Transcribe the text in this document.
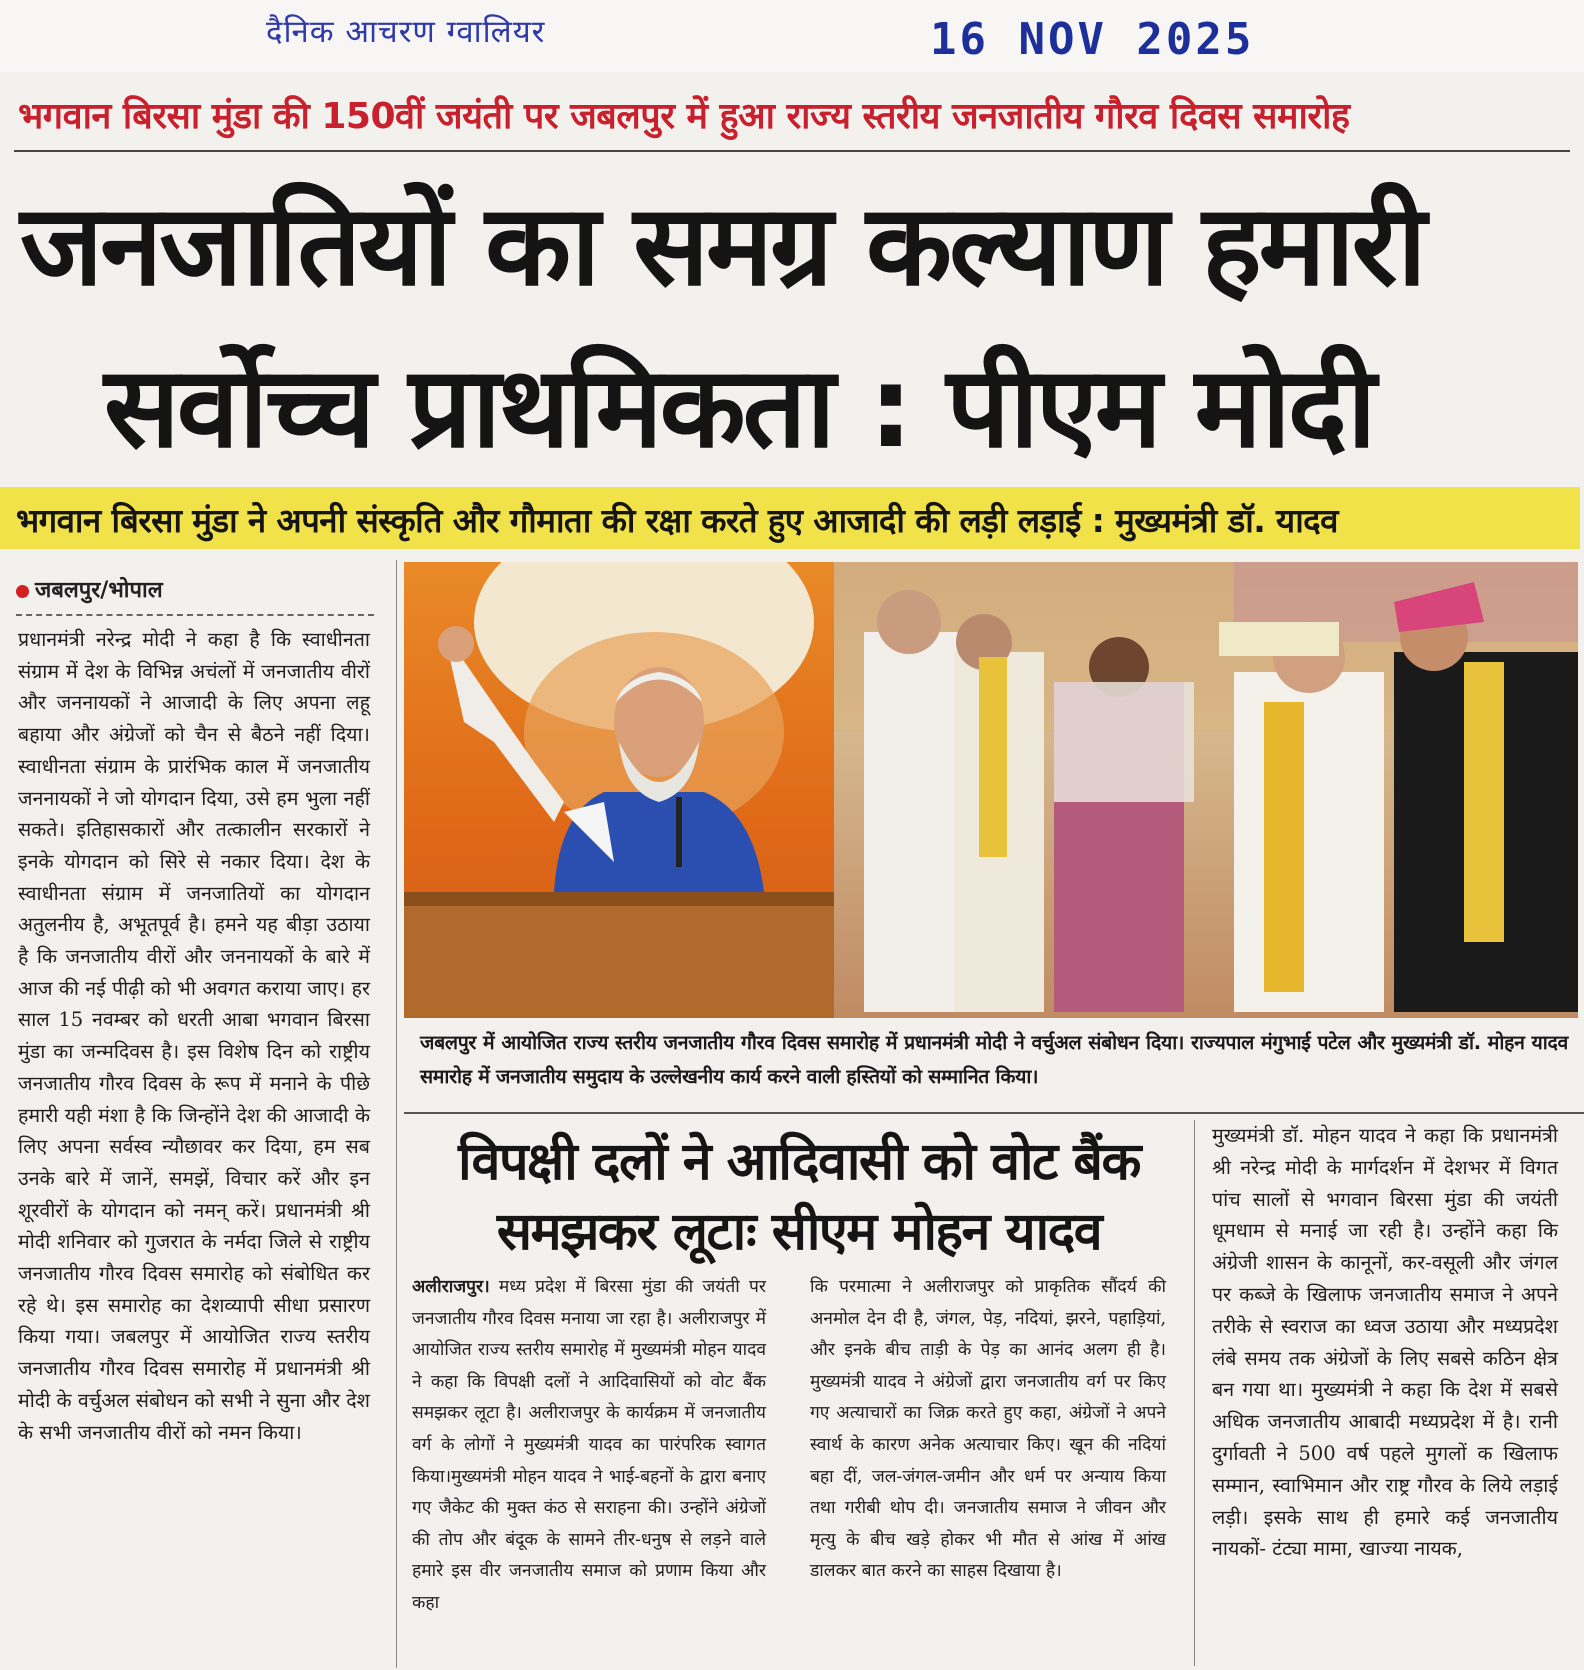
दैनिक आचरण ग्वालियर	16 NOV 2025
भगवान बिरसा मुंडा की 150वीं जयंती पर जबलपुर में हुआ राज्य स्तरीय जनजातीय गौरव दिवस समारोह
जनजातियों का समग्र कल्याण हमारी
सर्वोच्च प्राथमिकता : पीएम मोदी
भगवान बिरसा मुंडा ने अपनी संस्कृति और गौमाता की रक्षा करते हुए आजादी की लड़ी लड़ाई : मुख्यमंत्री डॉ. यादव
जबलपुर/भोपाल
प्रधानमंत्री नरेन्द्र मोदी ने कहा है कि स्वाधीनता संग्राम में देश के विभिन्न अचंलों में जनजातीय वीरों और जननायकों ने आजादी के लिए अपना लहू बहाया और अंग्रेजों को चैन से बैठने नहीं दिया। स्वाधीनता संग्राम के प्रारंभिक काल में जनजातीय जननायकों ने जो योगदान दिया, उसे हम भुला नहीं सकते। इतिहासकारों और तत्कालीन सरकारों ने इनके योगदान को सिरे से नकार दिया। देश के स्वाधीनता संग्राम में जनजातियों का योगदान अतुलनीय है, अभूतपूर्व है। हमने यह बीड़ा उठाया है कि जनजातीय वीरों और जननायकों के बारे में आज की नई पीढ़ी को भी अवगत कराया जाए। हर साल 15 नवम्बर को धरती आबा भगवान बिरसा मुंडा का जन्मदिवस है। इस विशेष दिन को राष्ट्रीय जनजातीय गौरव दिवस के रूप में मनाने के पीछे हमारी यही मंशा है कि जिन्होंने देश की आजादी के लिए अपना सर्वस्व न्यौछावर कर दिया, हम सब उनके बारे में जानें, समझें, विचार करें और इन शूरवीरों के योगदान को नमन् करें। प्रधानमंत्री श्री मोदी शनिवार को गुजरात के नर्मदा जिले से राष्ट्रीय जनजातीय गौरव दिवस समारोह को संबोधित कर रहे थे। इस समारोह का देशव्यापी सीधा प्रसारण किया गया। जबलपुर में आयोजित राज्य स्तरीय जनजातीय गौरव दिवस समारोह में प्रधानमंत्री श्री मोदी के वर्चुअल संबोधन को सभी ने सुना और देश के सभी जनजातीय वीरों को नमन किया।
जबलपुर में आयोजित राज्य स्तरीय जनजातीय गौरव दिवस समारोह में प्रधानमंत्री मोदी ने वर्चुअल संबोधन दिया। राज्यपाल मंगुभाई पटेल और मुख्यमंत्री डॉ. मोहन यादव समारोह में जनजातीय समुदाय के उल्लेखनीय कार्य करने वाली हस्तियों को सम्मानित किया।
विपक्षी दलों ने आदिवासी को वोट बैंक
समझकर लूटाः सीएम मोहन यादव
अलीराजपुर। मध्य प्रदेश में बिरसा मुंडा की जयंती पर जनजातीय गौरव दिवस मनाया जा रहा है। अलीराजपुर में आयोजित राज्य स्तरीय समारोह में मुख्यमंत्री मोहन यादव ने कहा कि विपक्षी दलों ने आदिवासियों को वोट बैंक समझकर लूटा है। अलीराजपुर के कार्यक्रम में जनजातीय वर्ग के लोगों ने मुख्यमंत्री यादव का पारंपरिक स्वागत किया।मुख्यमंत्री मोहन यादव ने भाई-बहनों के द्वारा बनाए गए जैकेट की मुक्त कंठ से सराहना की। उन्होंने अंग्रेजों की तोप और बंदूक के सामने तीर-धनुष से लड़ने वाले हमारे इस वीर जनजातीय समाज को प्रणाम किया और कहा
कि परमात्मा ने अलीराजपुर को प्राकृतिक सौंदर्य की अनमोल देन दी है, जंगल, पेड़, नदियां, झरने, पहाड़ियां, और इनके बीच ताड़ी के पेड़ का आनंद अलग ही है। मुख्यमंत्री यादव ने अंग्रेजों द्वारा जनजातीय वर्ग पर किए गए अत्याचारों का जिक्र करते हुए कहा, अंग्रेजों ने अपने स्वार्थ के कारण अनेक अत्याचार किए। खून की नदियां बहा दीं, जल-जंगल-जमीन और धर्म पर अन्याय किया तथा गरीबी थोप दी। जनजातीय समाज ने जीवन और मृत्यु के बीच खड़े होकर भी मौत से आंख में आंख डालकर बात करने का साहस दिखाया है।
मुख्यमंत्री डॉ. मोहन यादव ने कहा कि प्रधानमंत्री श्री नरेन्द्र मोदी के मार्गदर्शन में देशभर में विगत पांच सालों से भगवान बिरसा मुंडा की जयंती धूमधाम से मनाई जा रही है। उन्होंने कहा कि अंग्रेजी शासन के कानूनों, कर-वसूली और जंगल पर कब्जे के खिलाफ जनजातीय समाज ने अपने तरीके से स्वराज का ध्वज उठाया और मध्यप्रदेश लंबे समय तक अंग्रेजों के लिए सबसे कठिन क्षेत्र बन गया था। मुख्यमंत्री ने कहा कि देश में सबसे अधिक जनजातीय आबादी मध्यप्रदेश में है। रानी दुर्गावती ने 500 वर्ष पहले मुगलों क खिलाफ सम्मान, स्वाभिमान और राष्ट्र गौरव के लिये लड़ाई लड़ी। इसके साथ ही हमारे कई जनजातीय नायकों- टंट्या मामा, खाज्या नायक,
